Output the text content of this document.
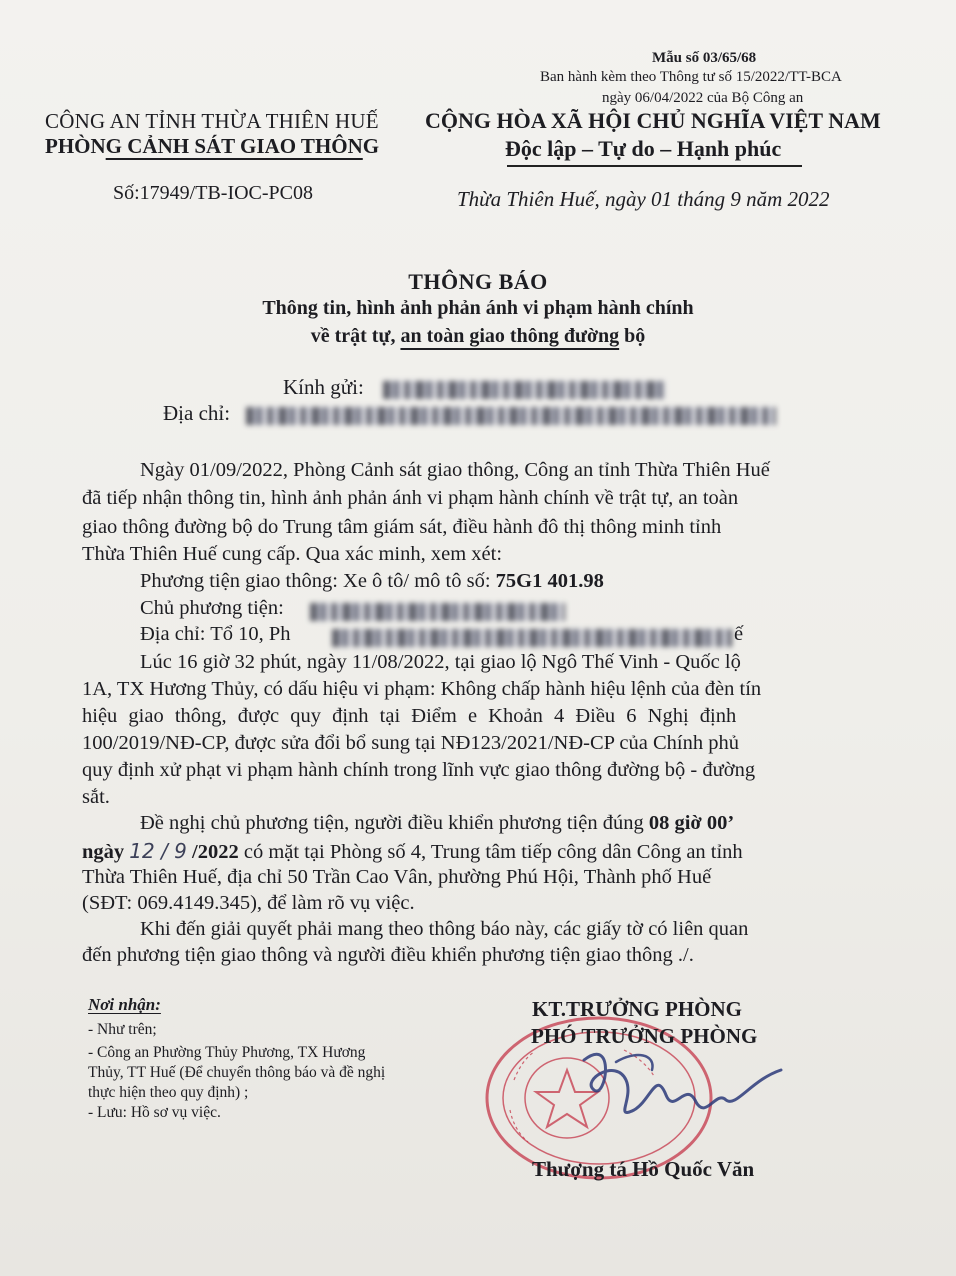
Mẫu số 03/65/68
Ban hành kèm theo Thông tư số 15/2022/TT-BCA
ngày 06/04/2022 của Bộ Công an
CÔNG AN TỈNH THỪA THIÊN HUẾ
PHÒNG CẢNH SÁT GIAO THÔNG
Số:17949/TB-IOC-PC08
CỘNG HÒA XÃ HỘI CHỦ NGHĨA VIỆT NAM
Độc lập – Tự do – Hạnh phúc
Thừa Thiên Huế, ngày 01 tháng 9 năm 2022
THÔNG BÁO
Thông tin, hình ảnh phản ánh vi phạm hành chính
về trật tự, an toàn giao thông đường bộ
Kính gửi:
Địa chỉ:
Ngày 01/09/2022, Phòng Cảnh sát giao thông, Công an tỉnh Thừa Thiên Huế
đã tiếp nhận thông tin, hình ảnh phản ánh vi phạm hành chính về trật tự, an toàn
giao thông đường bộ do Trung tâm giám sát, điều hành đô thị thông minh tỉnh
Thừa Thiên Huế cung cấp. Qua xác minh, xem xét:
Phương tiện giao thông: Xe ô tô/ mô tô số: 75G1 401.98
Chủ phương tiện:
Địa chỉ: Tổ 10, Ph	ế
Lúc 16 giờ 32 phút, ngày 11/08/2022, tại giao lộ Ngô Thế Vinh - Quốc lộ
1A, TX Hương Thủy, có dấu hiệu vi phạm: Không chấp hành hiệu lệnh của đèn tín
hiệu giao thông, được quy định tại Điểm e Khoản 4 Điều 6 Nghị định
100/2019/NĐ-CP, được sửa đổi bổ sung tại NĐ123/2021/NĐ-CP của Chính phủ
quy định xử phạt vi phạm hành chính trong lĩnh vực giao thông đường bộ - đường
sắt.
Đề nghị chủ phương tiện, người điều khiển phương tiện đúng 08 giờ 00’
ngày 12 / 9 /2022 có mặt tại Phòng số 4, Trung tâm tiếp công dân Công an tỉnh
Thừa Thiên Huế, địa chỉ 50 Trần Cao Vân, phường Phú Hội, Thành phố Huế
(SĐT: 069.4149.345), để làm rõ vụ việc.
Khi đến giải quyết phải mang theo thông báo này, các giấy tờ có liên quan
đến phương tiện giao thông và người điều khiển phương tiện giao thông ./.
Nơi nhận:
- Như trên;
- Công an Phường Thủy Phương, TX Hương
Thủy, TT Huế (Để chuyển thông báo và đề nghị
thực hiện theo quy định) ;
- Lưu: Hồ sơ vụ việc.
KT.TRƯỞNG PHÒNG
PHÓ TRƯỞNG PHÒNG
Thượng tá Hồ Quốc Văn
